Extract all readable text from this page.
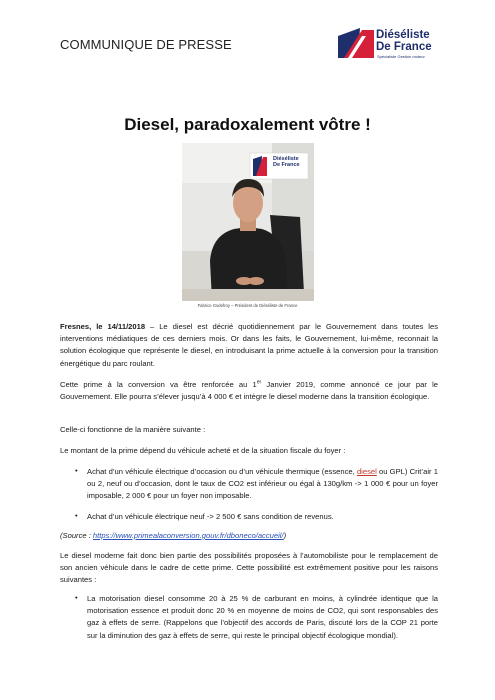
COMMUNIQUE DE PRESSE
Diéséliste
De France
Spécialiste Gestion moteur
Diesel, paradoxalement vôtre !
Diéséliste
De France
Fabrice Godefroy – Président de Diéséliste de France

Fresnes, le 14/11/2018 – Le diesel est décrié quotidiennement par le Gouvernement dans toutes les interventions médiatiques de ces derniers mois. Or dans les faits, le Gouvernement, lui-même, reconnait la solution écologique que représente le diesel, en introduisant la prime actuelle à la conversion pour la transition énergétique du parc roulant.

Cette prime à la conversion va être renforcée au 1er Janvier 2019, comme annoncé ce jour par le Gouvernement. Elle pourra s’élever jusqu’à 4 000 € et intègre le diesel moderne dans la transition écologique.

Celle-ci fonctionne de la manière suivante :

Le montant de la prime dépend du véhicule acheté et de la situation fiscale du foyer :

• Achat d’un véhicule électrique d’occasion ou d’un véhicule thermique (essence, diesel ou GPL) Crit’air 1 ou 2, neuf ou d’occasion, dont le taux de CO2 est inférieur ou égal à 130g/km -> 1 000 € pour un foyer imposable, 2 000 € pour un foyer non imposable.

• Achat d’un véhicule électrique neuf -> 2 500 € sans condition de revenus.

(Source : https://www.primealaconversion.gouv.fr/dboneco/accueil/)

Le diesel moderne fait donc bien partie des possibilités proposées à l’automobiliste pour le remplacement de son ancien véhicule dans le cadre de cette prime. Cette possibilité est extrêmement positive pour les raisons suivantes :

• La motorisation diesel consomme 20 à 25 % de carburant en moins, à cylindrée identique que la motorisation essence et produit donc 20 % en moyenne de moins de CO2, qui sont responsables des gaz à effets de serre. (Rappelons que l’objectif des accords de Paris, discuté lors de la COP 21 porte sur la diminution des gaz à effets de serre, qui reste le principal objectif écologique mondial).
